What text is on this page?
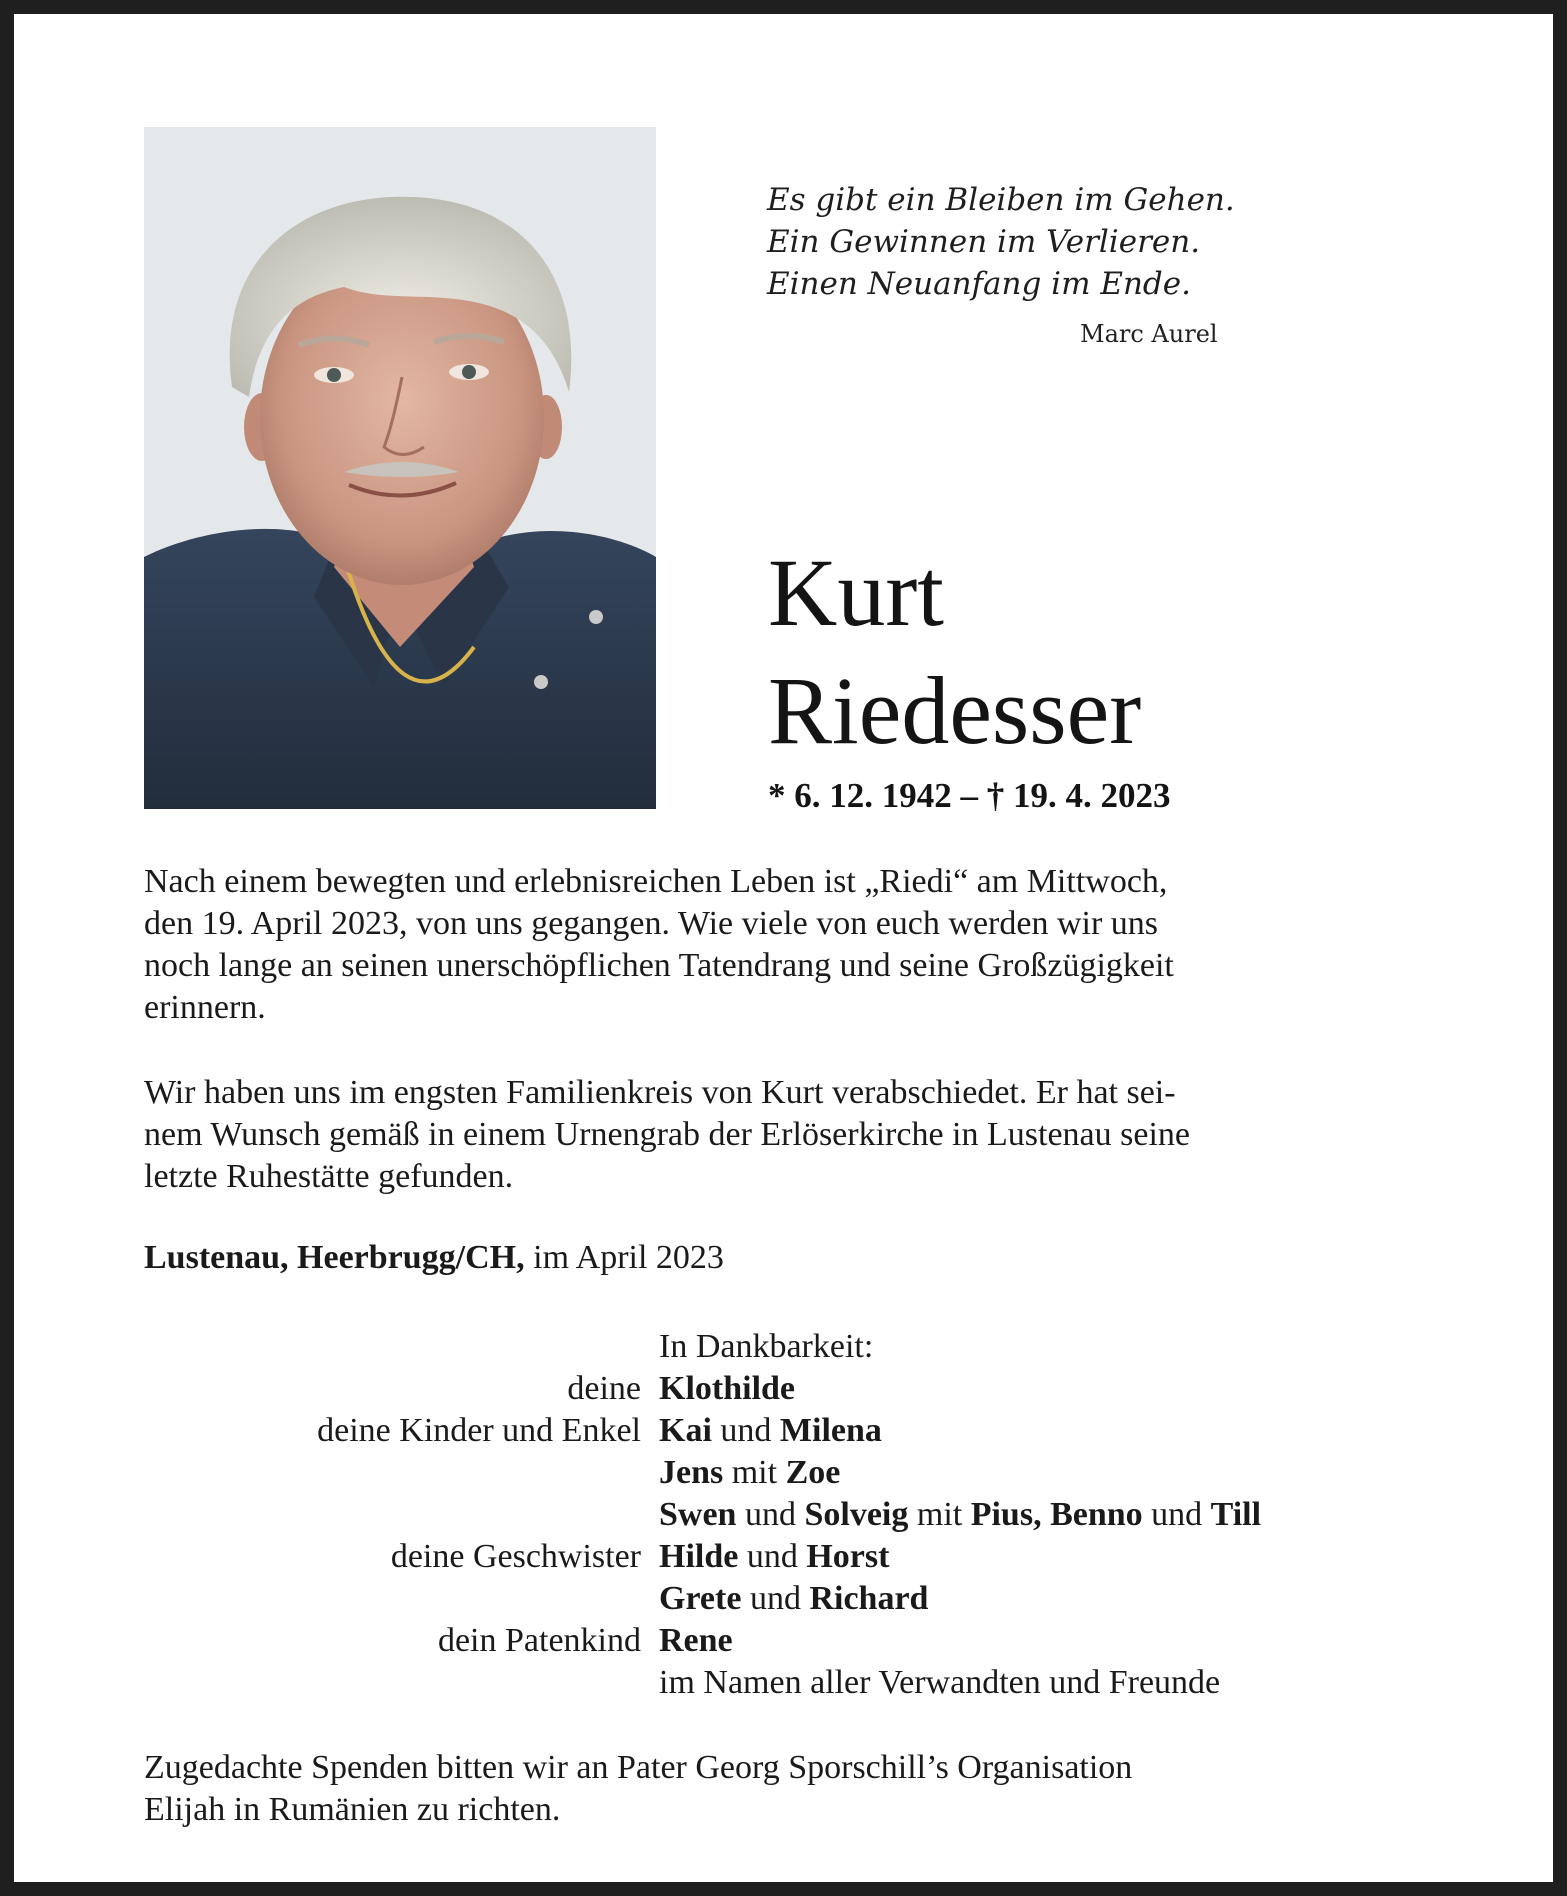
Es gibt ein Bleiben im Gehen.
Ein Gewinnen im Verlieren.
Einen Neuanfang im Ende.
Marc Aurel
Kurt
Riedesser
* 6. 12. 1942 – † 19. 4. 2023
Nach einem bewegten und erlebnisreichen Leben ist „Riedi“ am Mittwoch,
den 19. April 2023, von uns gegangen. Wie viele von euch werden wir uns
noch lange an seinen unerschöpflichen Tatendrang und seine Großzügigkeit
erinnern.
Wir haben uns im engsten Familienkreis von Kurt verabschiedet. Er hat sei-
nem Wunsch gemäß in einem Urnengrab der Erlöserkirche in Lustenau seine
letzte Ruhestätte gefunden.
Lustenau, Heerbrugg/CH, im April 2023
In Dankbarkeit:
deine Klothilde
deine Kinder und Enkel Kai und Milena
Jens mit Zoe
Swen und Solveig mit Pius, Benno und Till
deine Geschwister Hilde und Horst
Grete und Richard
dein Patenkind Rene
im Namen aller Verwandten und Freunde
Zugedachte Spenden bitten wir an Pater Georg Sporschill’s Organisation
Elijah in Rumänien zu richten.
